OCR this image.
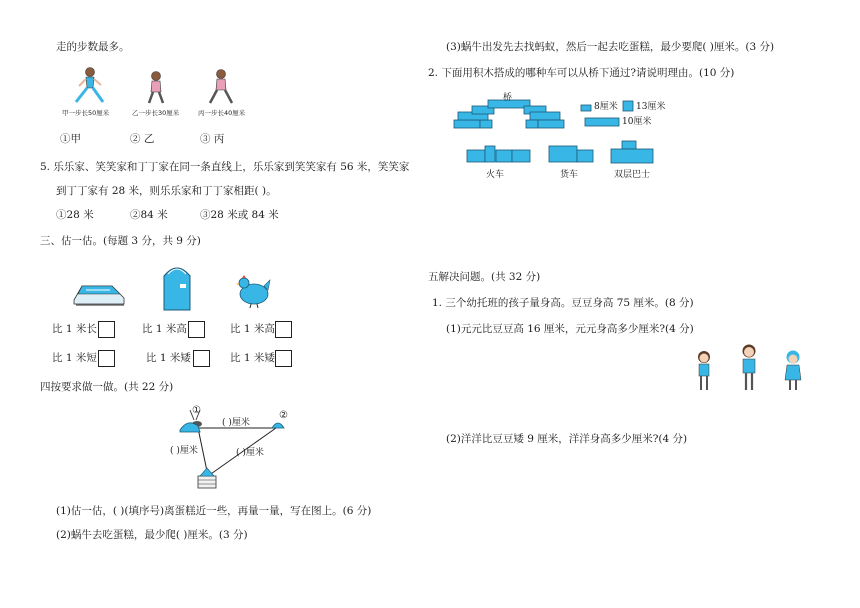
走的步数最多。
甲一步长50厘米	乙一步长30厘米	丙一步长40厘米
①甲	② 乙	③ 丙
5. 乐乐家、笑笑家和丁丁家在同一条直线上，乐乐家到笑笑家有 56 米，笑笑家
到丁丁家有 28 米，则乐乐家和丁丁家相距( )。
①28 米	②84 米	③28 米或 84 米
三、估一估。(每题 3 分，共 9 分)
比 1 米长	比 1 米高	比 1 米高
比 1 米短	比 1 米矮	比 1 米矮
四按要求做一做。(共 22 分)
①	②
( )厘米
( )厘米	( )厘米
(1)估一估，( )(填序号)离蛋糕近一些，再量一量，写在图上。(6 分)
(2)蜗牛去吃蛋糕，最少爬( )厘米。(3 分)
(3)蜗牛出发先去找蚂蚁，然后一起去吃蛋糕，最少要爬( )厘米。(3 分)
2. 下面用积木搭成的哪种车可以从桥下通过?请说明理由。(10 分)
桥
8厘米 13厘米
10厘米
火车	货车	双层巴士
五解决问题。(共 32 分)
1. 三个幼托班的孩子量身高。豆豆身高 75 厘米。(8 分)
(1)元元比豆豆高 16 厘米，元元身高多少厘米?(4 分)
(2)洋洋比豆豆矮 9 厘米，洋洋身高多少厘米?(4 分)
